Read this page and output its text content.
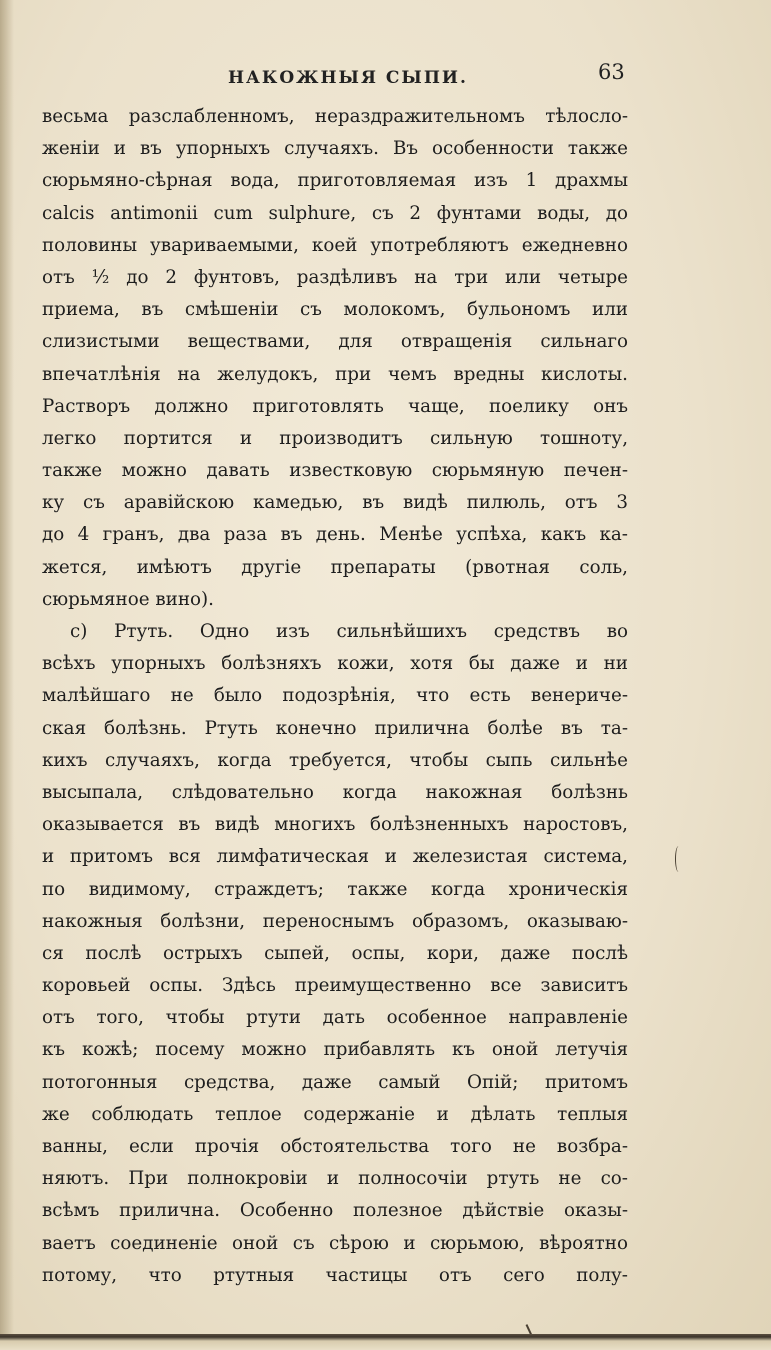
НАКОЖНЫЯ СЫПИ.	63
весьма разслабленномъ, нераздражительномъ тѣлосло-
женіи и въ упорныхъ случаяхъ. Въ особенности также
сюрьмяно-сѣрная вода, приготовляемая изъ 1 драхмы
calcis antimonii cum sulphure, съ 2 фунтами воды, до
половины увариваемыми, коей употребляютъ ежедневно
отъ ½ до 2 фунтовъ, раздѣливъ на три или четыре
приема, въ смѣшеніи съ молокомъ, бульономъ или
слизистыми веществами, для отвращенія сильнаго
впечатлѣнія на желудокъ, при чемъ вредны кислоты.
Растворъ должно приготовлять чаще, поелику онъ
легко портится и производитъ сильную тошноту,
также можно давать известковую сюрьмяную печен-
ку съ аравійскою камедью, въ видѣ пилюль, отъ 3
до 4 гранъ, два раза въ день. Менѣе успѣха, какъ ка-
жется, имѣютъ другіе препараты (рвотная соль,
сюрьмяное вино).
c) Ртуть. Одно изъ сильнѣйшихъ средствъ во
всѣхъ упорныхъ болѣзняхъ кожи, хотя бы даже и ни
малѣйшаго не было подозрѣнія, что есть венериче-
ская болѣзнь. Ртуть конечно прилична болѣе въ та-
кихъ случаяхъ, когда требуется, чтобы сыпь сильнѣе
высыпала, слѣдовательно когда накожная болѣзнь
оказывается въ видѣ многихъ болѣзненныхъ наростовъ,
и притомъ вся лимфатическая и железистая система,
по видимому, страждетъ; также когда хроническія
накожныя болѣзни, переноснымъ образомъ, оказываю-
ся послѣ острыхъ сыпей, оспы, кори, даже послѣ
коровьей оспы. Здѣсь преимущественно все зависитъ
отъ того, чтобы ртути дать особенное направленіе
къ кожѣ; посему можно прибавлять къ оной летучія
потогонныя средства, даже самый Опій; притомъ
же соблюдать теплое содержаніе и дѣлать теплыя
ванны, если прочія обстоятельства того не возбра-
няютъ. При полнокровіи и полносочіи ртуть не со-
всѣмъ прилична. Особенно полезное дѣйствіе оказы-
ваетъ соединеніе оной съ сѣрою и сюрьмою, вѣроятно
потому, что ртутныя частицы отъ сего полу-
